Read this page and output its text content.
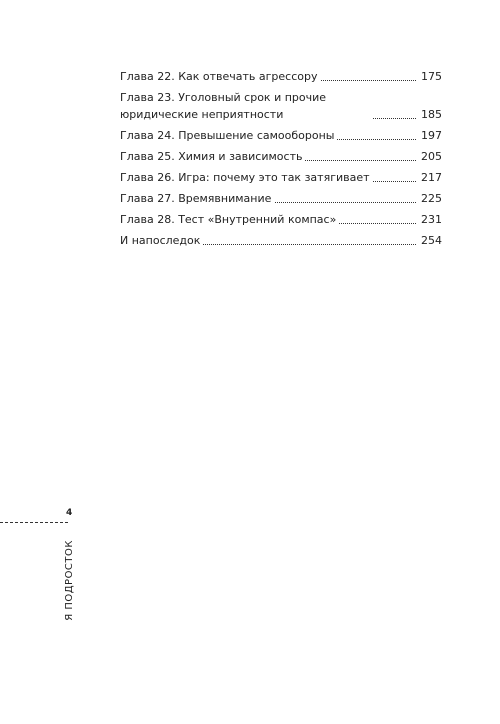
Глава 22. Как отвечать агрессору	175
Глава 23. Уголовный срок и прочие юридические неприятности	185
Глава 24. Превышение самообороны	197
Глава 25. Химия и зависимость	205
Глава 26. Игра: почему это так затягивает	217
Глава 27. Времявнимание	225
Глава 28. Тест «Внутренний компас»	231
И напоследок	254
4
Я ПОДРОСТОК
